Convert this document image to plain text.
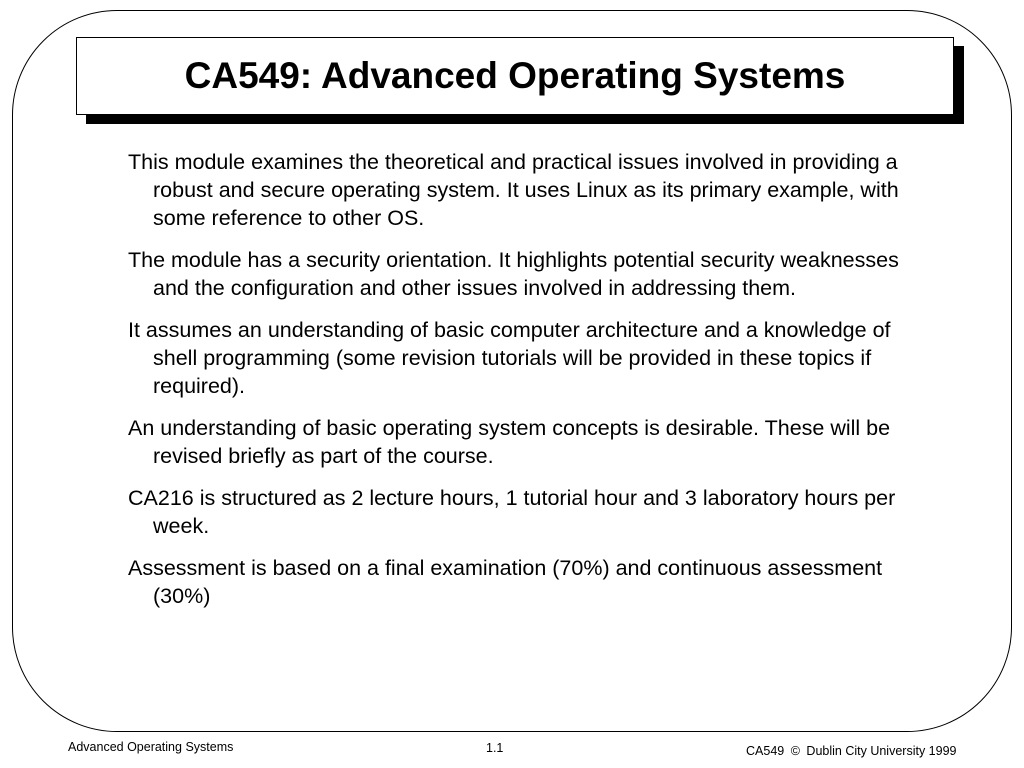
CA549: Advanced Operating Systems
This module examines the theoretical and practical issues involved in providing a robust and secure operating system. It uses Linux as its primary example, with some reference to other OS.
The module has a security orientation. It highlights potential security weaknesses and the configuration and other issues involved in addressing them.
It assumes an understanding of basic computer architecture and a knowledge of shell programming (some revision tutorials will be provided in these topics if required).
An understanding of basic operating system concepts is desirable. These will be revised briefly as part of the course.
CA216 is structured as 2 lecture hours, 1 tutorial hour and 3 laboratory hours per week.
Assessment is based on a final examination (70%) and continuous assessment (30%)
Advanced Operating Systems	1.1	CA549 © Dublin City University 1999
